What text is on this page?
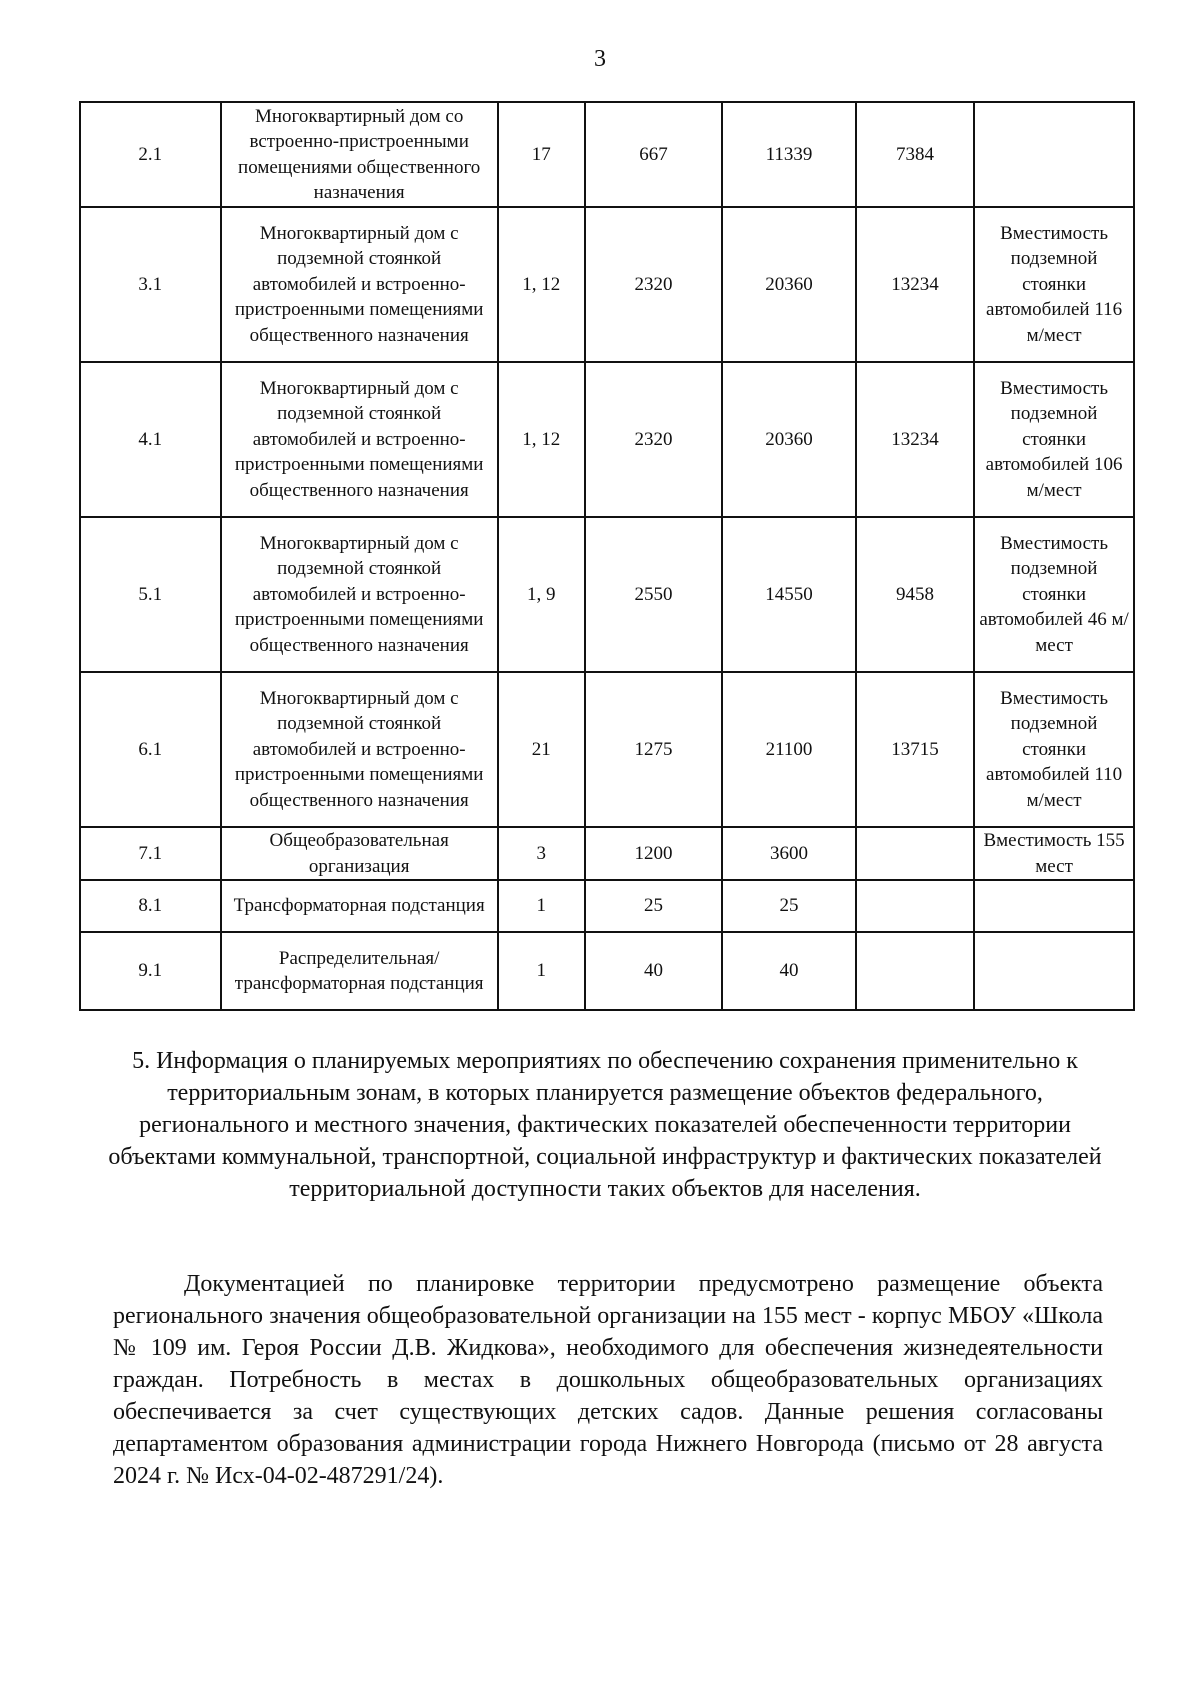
3
2.1	Многоквартирный дом со встроенно-пристроенными помещениями общественного назначения	17	667	11339	7384	
3.1	Многоквартирный дом с подземной стоянкой автомобилей и встроенно-пристроенными помещениями общественного назначения	1, 12	2320	20360	13234	Вместимость подземной стоянки автомобилей 116 м/мест
4.1	Многоквартирный дом с подземной стоянкой автомобилей и встроенно-пристроенными помещениями общественного назначения	1, 12	2320	20360	13234	Вместимость подземной стоянки автомобилей 106 м/мест
5.1	Многоквартирный дом с подземной стоянкой автомобилей и встроенно-пристроенными помещениями общественного назначения	1, 9	2550	14550	9458	Вместимость подземной стоянки автомобилей 46 м/мест
6.1	Многоквартирный дом с подземной стоянкой автомобилей и встроенно-пристроенными помещениями общественного назначения	21	1275	21100	13715	Вместимость подземной стоянки автомобилей 110 м/мест
7.1	Общеобразовательная организация	3	1200	3600		Вместимость 155 мест
8.1	Трансформаторная подстанция	1	25	25		
9.1	Распределительная/ трансформаторная подстанция	1	40	40		
5. Информация о планируемых мероприятиях по обеспечению сохранения применительно к территориальным зонам, в которых планируется размещение объектов федерального, регионального и местного значения, фактических показателей обеспеченности территории объектами коммунальной, транспортной, социальной инфраструктур и фактических показателей территориальной доступности таких объектов для населения.

Документацией по планировке территории предусмотрено размещение объекта регионального значения общеобразовательной организации на 155 мест - корпус МБОУ «Школа № 109 им. Героя России Д.В. Жидкова», необходимого для обеспечения жизнедеятельности граждан. Потребность в местах в дошкольных общеобразовательных организациях обеспечивается за счет существующих детских садов. Данные решения согласованы департаментом образования администрации города Нижнего Новгорода (письмо от 28 августа 2024 г. № Исх-04-02-487291/24).
